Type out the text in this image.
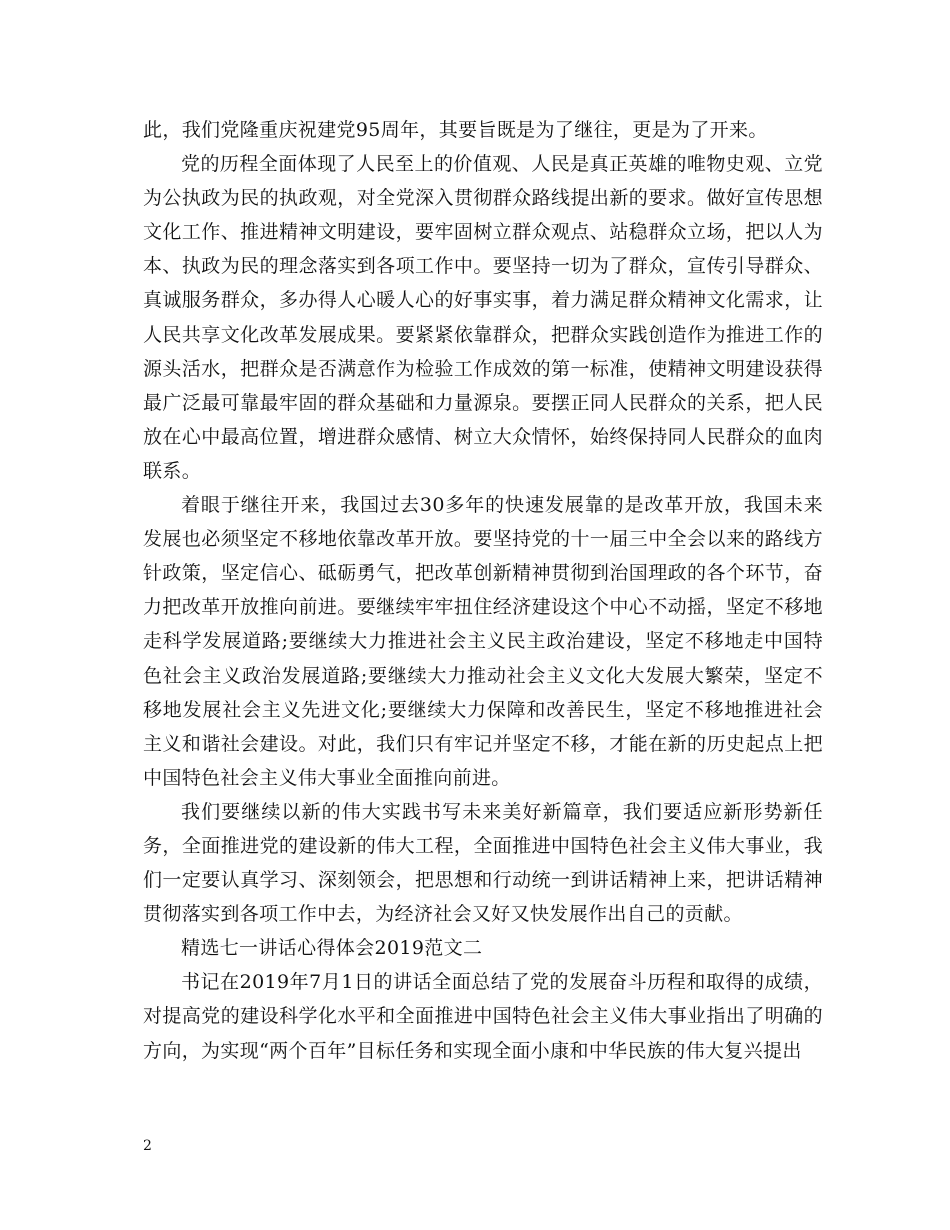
此，我们党隆重庆祝建党95周年，其要旨既是为了继往，更是为了开来。

党的历程全面体现了人民至上的价值观、人民是真正英雄的唯物史观、立党为公执政为民的执政观，对全党深入贯彻群众路线提出新的要求。做好宣传思想文化工作、推进精神文明建设，要牢固树立群众观点、站稳群众立场，把以人为本、执政为民的理念落实到各项工作中。要坚持一切为了群众，宣传引导群众、真诚服务群众，多办得人心暖人心的好事实事，着力满足群众精神文化需求，让人民共享文化改革发展成果。要紧紧依靠群众，把群众实践创造作为推进工作的源头活水，把群众是否满意作为检验工作成效的第一标准，使精神文明建设获得最广泛最可靠最牢固的群众基础和力量源泉。要摆正同人民群众的关系，把人民放在心中最高位置，增进群众感情、树立大众情怀，始终保持同人民群众的血肉联系。

着眼于继往开来，我国过去30多年的快速发展靠的是改革开放，我国未来发展也必须坚定不移地依靠改革开放。要坚持党的十一届三中全会以来的路线方针政策，坚定信心、砥砺勇气，把改革创新精神贯彻到治国理政的各个环节，奋力把改革开放推向前进。要继续牢牢扭住经济建设这个中心不动摇，坚定不移地走科学发展道路;要继续大力推进社会主义民主政治建设，坚定不移地走中国特色社会主义政治发展道路;要继续大力推动社会主义文化大发展大繁荣，坚定不移地发展社会主义先进文化;要继续大力保障和改善民生，坚定不移地推进社会主义和谐社会建设。对此，我们只有牢记并坚定不移，才能在新的历史起点上把中国特色社会主义伟大事业全面推向前进。

我们要继续以新的伟大实践书写未来美好新篇章，我们要适应新形势新任务，全面推进党的建设新的伟大工程，全面推进中国特色社会主义伟大事业，我们一定要认真学习、深刻领会，把思想和行动统一到讲话精神上来，把讲话精神贯彻落实到各项工作中去，为经济社会又好又快发展作出自己的贡献。

精选七一讲话心得体会2019范文二

书记在2019年7月1日的讲话全面总结了党的发展奋斗历程和取得的成绩，对提高党的建设科学化水平和全面推进中国特色社会主义伟大事业指出了明确的方向，为实现“两个百年”目标任务和实现全面小康和中华民族的伟大复兴提出

2
